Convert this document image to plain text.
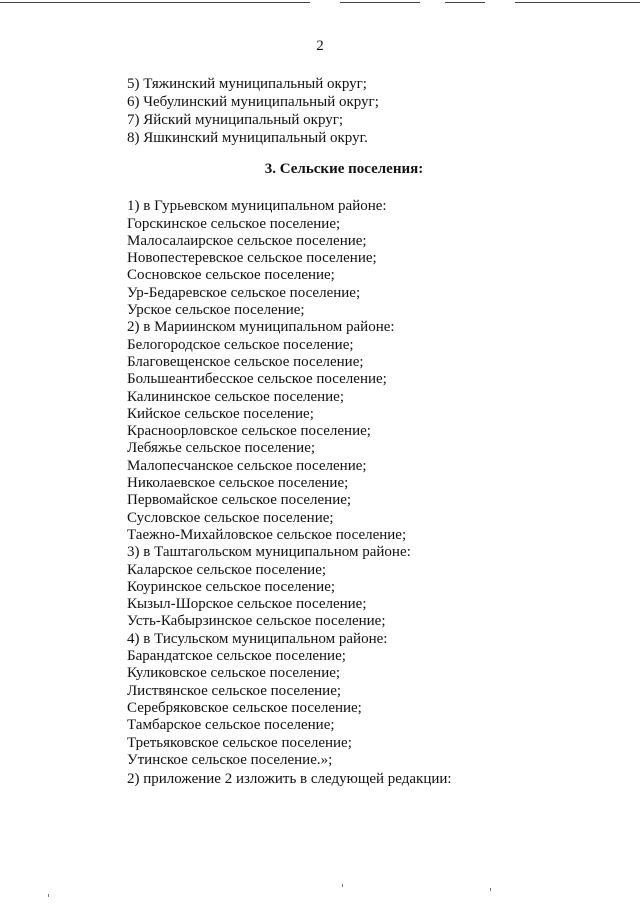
2
5) Тяжинский муниципальный округ;
6) Чебулинский муниципальный округ;
7) Яйский муниципальный округ;
8) Яшкинский муниципальный округ.
3. Сельские поселения:
1) в Гурьевском муниципальном районе:
Горскинское сельское поселение;
Малосалаирское сельское поселение;
Новопестеревское сельское поселение;
Сосновское сельское поселение;
Ур-Бедаревское сельское поселение;
Урское сельское поселение;
2) в Мариинском муниципальном районе:
Белогородское сельское поселение;
Благовещенское сельское поселение;
Большеантибесское сельское поселение;
Калининское сельское поселение;
Кийское сельское поселение;
Красноорловское сельское поселение;
Лебяжье сельское поселение;
Малопесчанское сельское поселение;
Николаевское сельское поселение;
Первомайское сельское поселение;
Сусловское сельское поселение;
Таежно-Михайловское сельское поселение;
3) в Таштагольском муниципальном районе:
Каларское сельское поселение;
Коуринское сельское поселение;
Кызыл-Шорское сельское поселение;
Усть-Кабырзинское сельское поселение;
4) в Тисульском муниципальном районе:
Барандатское сельское поселение;
Куликовское сельское поселение;
Листвянское сельское поселение;
Серебряковское сельское поселение;
Тамбарское сельское поселение;
Третьяковское сельское поселение;
Утинское сельское поселение.»;
2) приложение 2 изложить в следующей редакции:
